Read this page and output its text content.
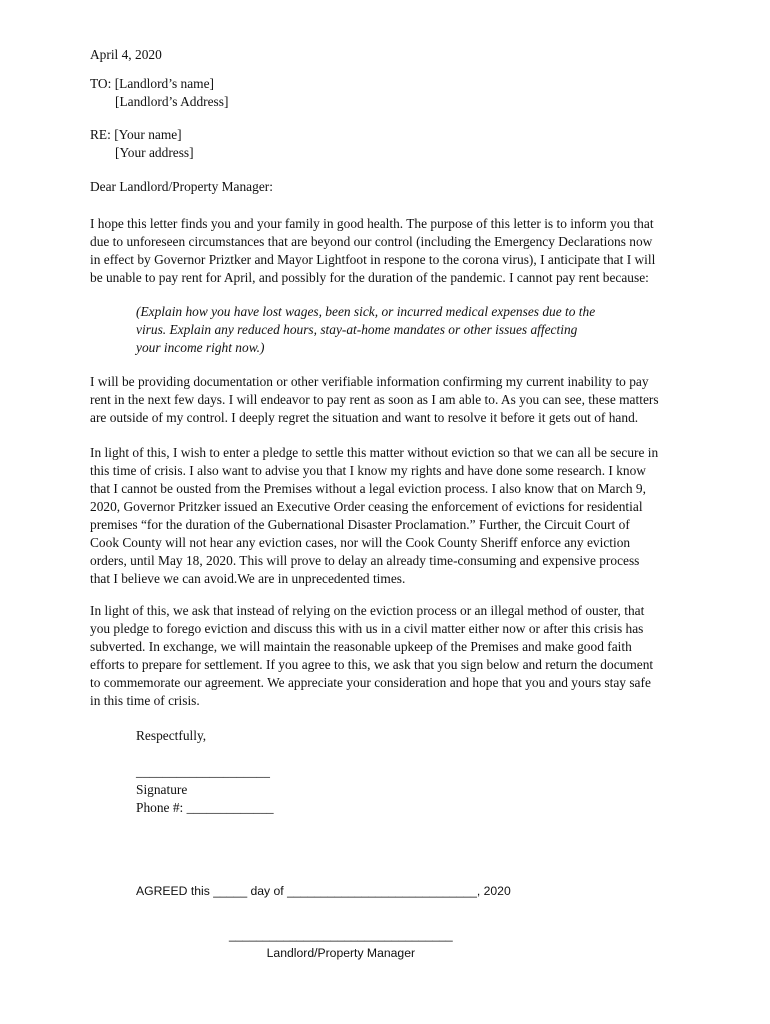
April 4, 2020
TO: [Landlord’s name]
[Landlord’s Address]
RE: [Your name]
[Your address]
Dear Landlord/Property Manager:
I hope this letter finds you and your family in good health. The purpose of this letter is to inform you that
due to unforeseen circumstances that are beyond our control (including the Emergency Declarations now
in effect by Governor Priztker and Mayor Lightfoot in respone to the corona virus), I anticipate that I will
be unable to pay rent for April, and possibly for the duration of the pandemic. I cannot pay rent because:
(Explain how you have lost wages, been sick, or incurred medical expenses due to the
virus. Explain any reduced hours, stay-at-home mandates or other issues affecting
your income right now.)
I will be providing documentation or other verifiable information confirming my current inability to pay
rent in the next few days. I will endeavor to pay rent as soon as I am able to. As you can see, these matters
are outside of my control. I deeply regret the situation and want to resolve it before it gets out of hand.
In light of this, I wish to enter a pledge to settle this matter without eviction so that we can all be secure in
this time of crisis. I also want to advise you that I know my rights and have done some research. I know
that I cannot be ousted from the Premises without a legal eviction process. I also know that on March 9,
2020, Governor Pritzker issued an Executive Order ceasing the enforcement of evictions for residential
premises “for the duration of the Gubernational Disaster Proclamation.” Further, the Circuit Court of
Cook County will not hear any eviction cases, nor will the Cook County Sheriff enforce any eviction
orders, until May 18, 2020. This will prove to delay an already time-consuming and expensive process
that I believe we can avoid.We are in unprecedented times.
In light of this, we ask that instead of relying on the eviction process or an illegal method of ouster, that
you pledge to forego eviction and discuss this with us in a civil matter either now or after this crisis has
subverted. In exchange, we will maintain the reasonable upkeep of the Premises and make good faith
efforts to prepare for settlement. If you agree to this, we ask that you sign below and return the document
to commemorate our agreement. We appreciate your consideration and hope that you and yours stay safe
in this time of crisis.
Respectfully,
____________________
Signature
Phone #: _____________
AGREED this _____ day of ____________________________, 2020
_________________________________
Landlord/Property Manager
